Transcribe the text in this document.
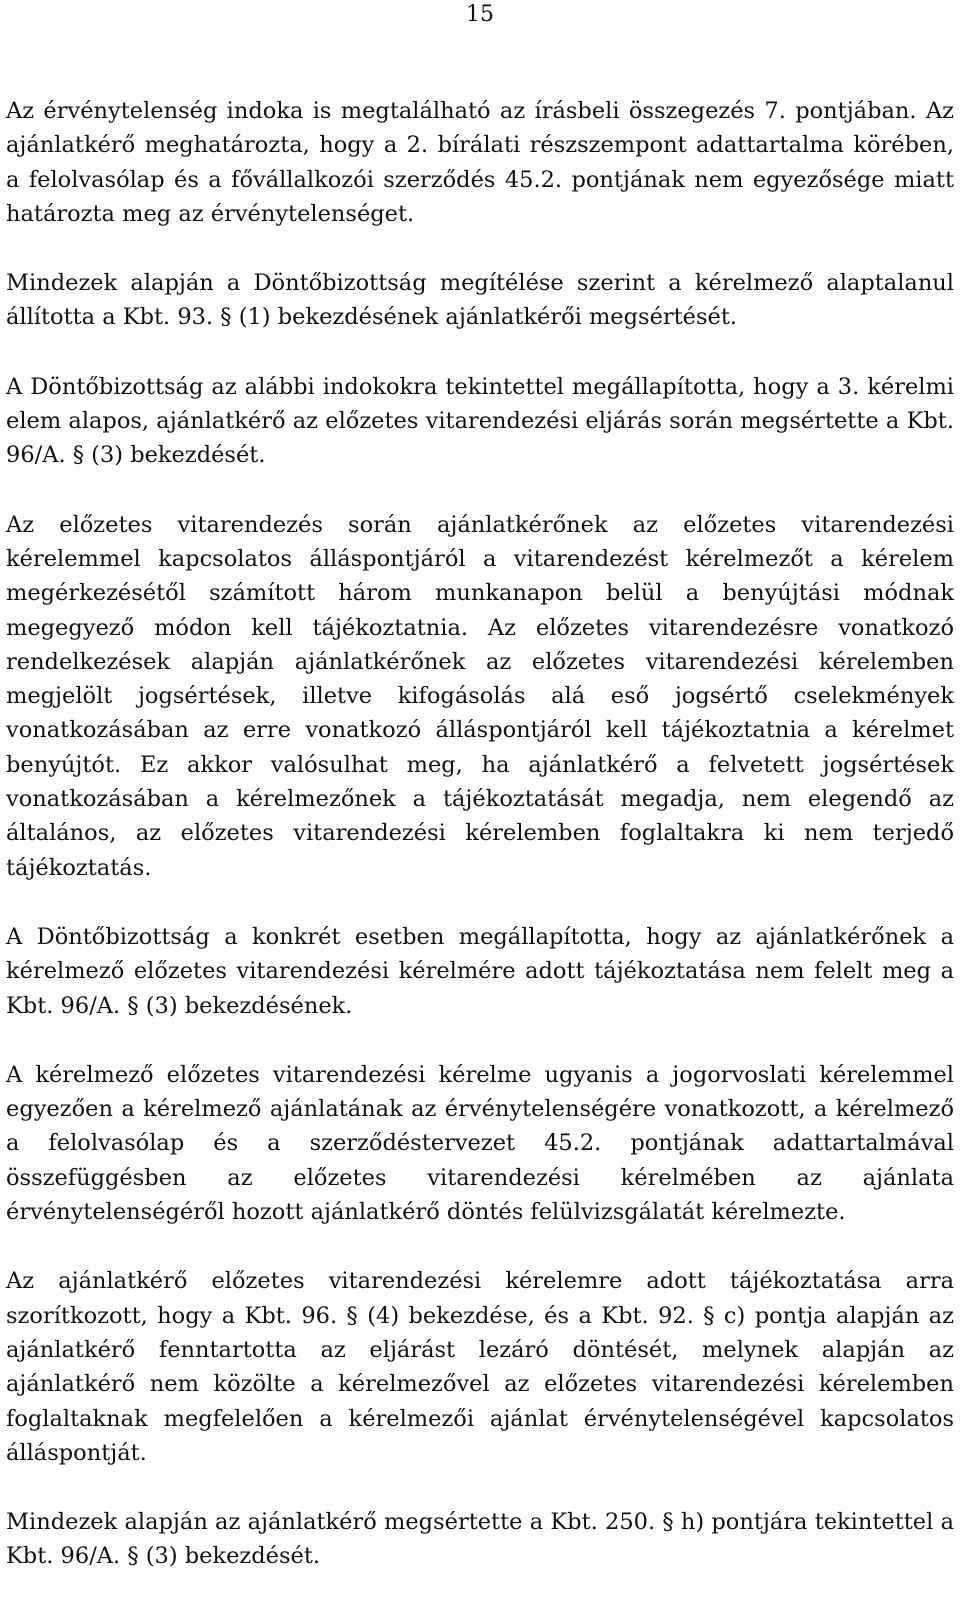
15

Az érvénytelenség indoka is megtalálható az írásbeli összegezés 7. pontjában. Az ajánlatkérő meghatározta, hogy a 2. bírálati részszempont adattartalma körében, a felolvasólap és a fővállalkozói szerződés 45.2. pontjának nem egyezősége miatt határozta meg az érvénytelenséget.

Mindezek alapján a Döntőbizottság megítélése szerint a kérelmező alaptalanul állította a Kbt. 93. § (1) bekezdésének ajánlatkérői megsértését.

A Döntőbizottság az alábbi indokokra tekintettel megállapította, hogy a 3. kérelmi elem alapos, ajánlatkérő az előzetes vitarendezési eljárás során megsértette a Kbt. 96/A. § (3) bekezdését.

Az előzetes vitarendezés során ajánlatkérőnek az előzetes vitarendezési kérelemmel kapcsolatos álláspontjáról a vitarendezést kérelmezőt a kérelem megérkezésétől számított három munkanapon belül a benyújtási módnak megegyező módon kell tájékoztatnia. Az előzetes vitarendezésre vonatkozó rendelkezések alapján ajánlatkérőnek az előzetes vitarendezési kérelemben megjelölt jogsértések, illetve kifogásolás alá eső jogsértő cselekmények vonatkozásában az erre vonatkozó álláspontjáról kell tájékoztatnia a kérelmet benyújtót. Ez akkor valósulhat meg, ha ajánlatkérő a felvetett jogsértések vonatkozásában a kérelmezőnek a tájékoztatását megadja, nem elegendő az általános, az előzetes vitarendezési kérelemben foglaltakra ki nem terjedő tájékoztatás.

A Döntőbizottság a konkrét esetben megállapította, hogy az ajánlatkérőnek a kérelmező előzetes vitarendezési kérelmére adott tájékoztatása nem felelt meg a Kbt. 96/A. § (3) bekezdésének.

A kérelmező előzetes vitarendezési kérelme ugyanis a jogorvoslati kérelemmel egyezően a kérelmező ajánlatának az érvénytelenségére vonatkozott, a kérelmező a felolvasólap és a szerződéstervezet 45.2. pontjának adattartalmával összefüggésben az előzetes vitarendezési kérelmében az ajánlata érvénytelenségéről hozott ajánlatkérő döntés felülvizsgálatát kérelmezte.

Az ajánlatkérő előzetes vitarendezési kérelemre adott tájékoztatása arra szorítkozott, hogy a Kbt. 96. § (4) bekezdése, és a Kbt. 92. § c) pontja alapján az ajánlatkérő fenntartotta az eljárást lezáró döntését, melynek alapján az ajánlatkérő nem közölte a kérelmezővel az előzetes vitarendezési kérelemben foglaltaknak megfelelően a kérelmezői ajánlat érvénytelenségével kapcsolatos álláspontját.

Mindezek alapján az ajánlatkérő megsértette a Kbt. 250. § h) pontjára tekintettel a Kbt. 96/A. § (3) bekezdését.
